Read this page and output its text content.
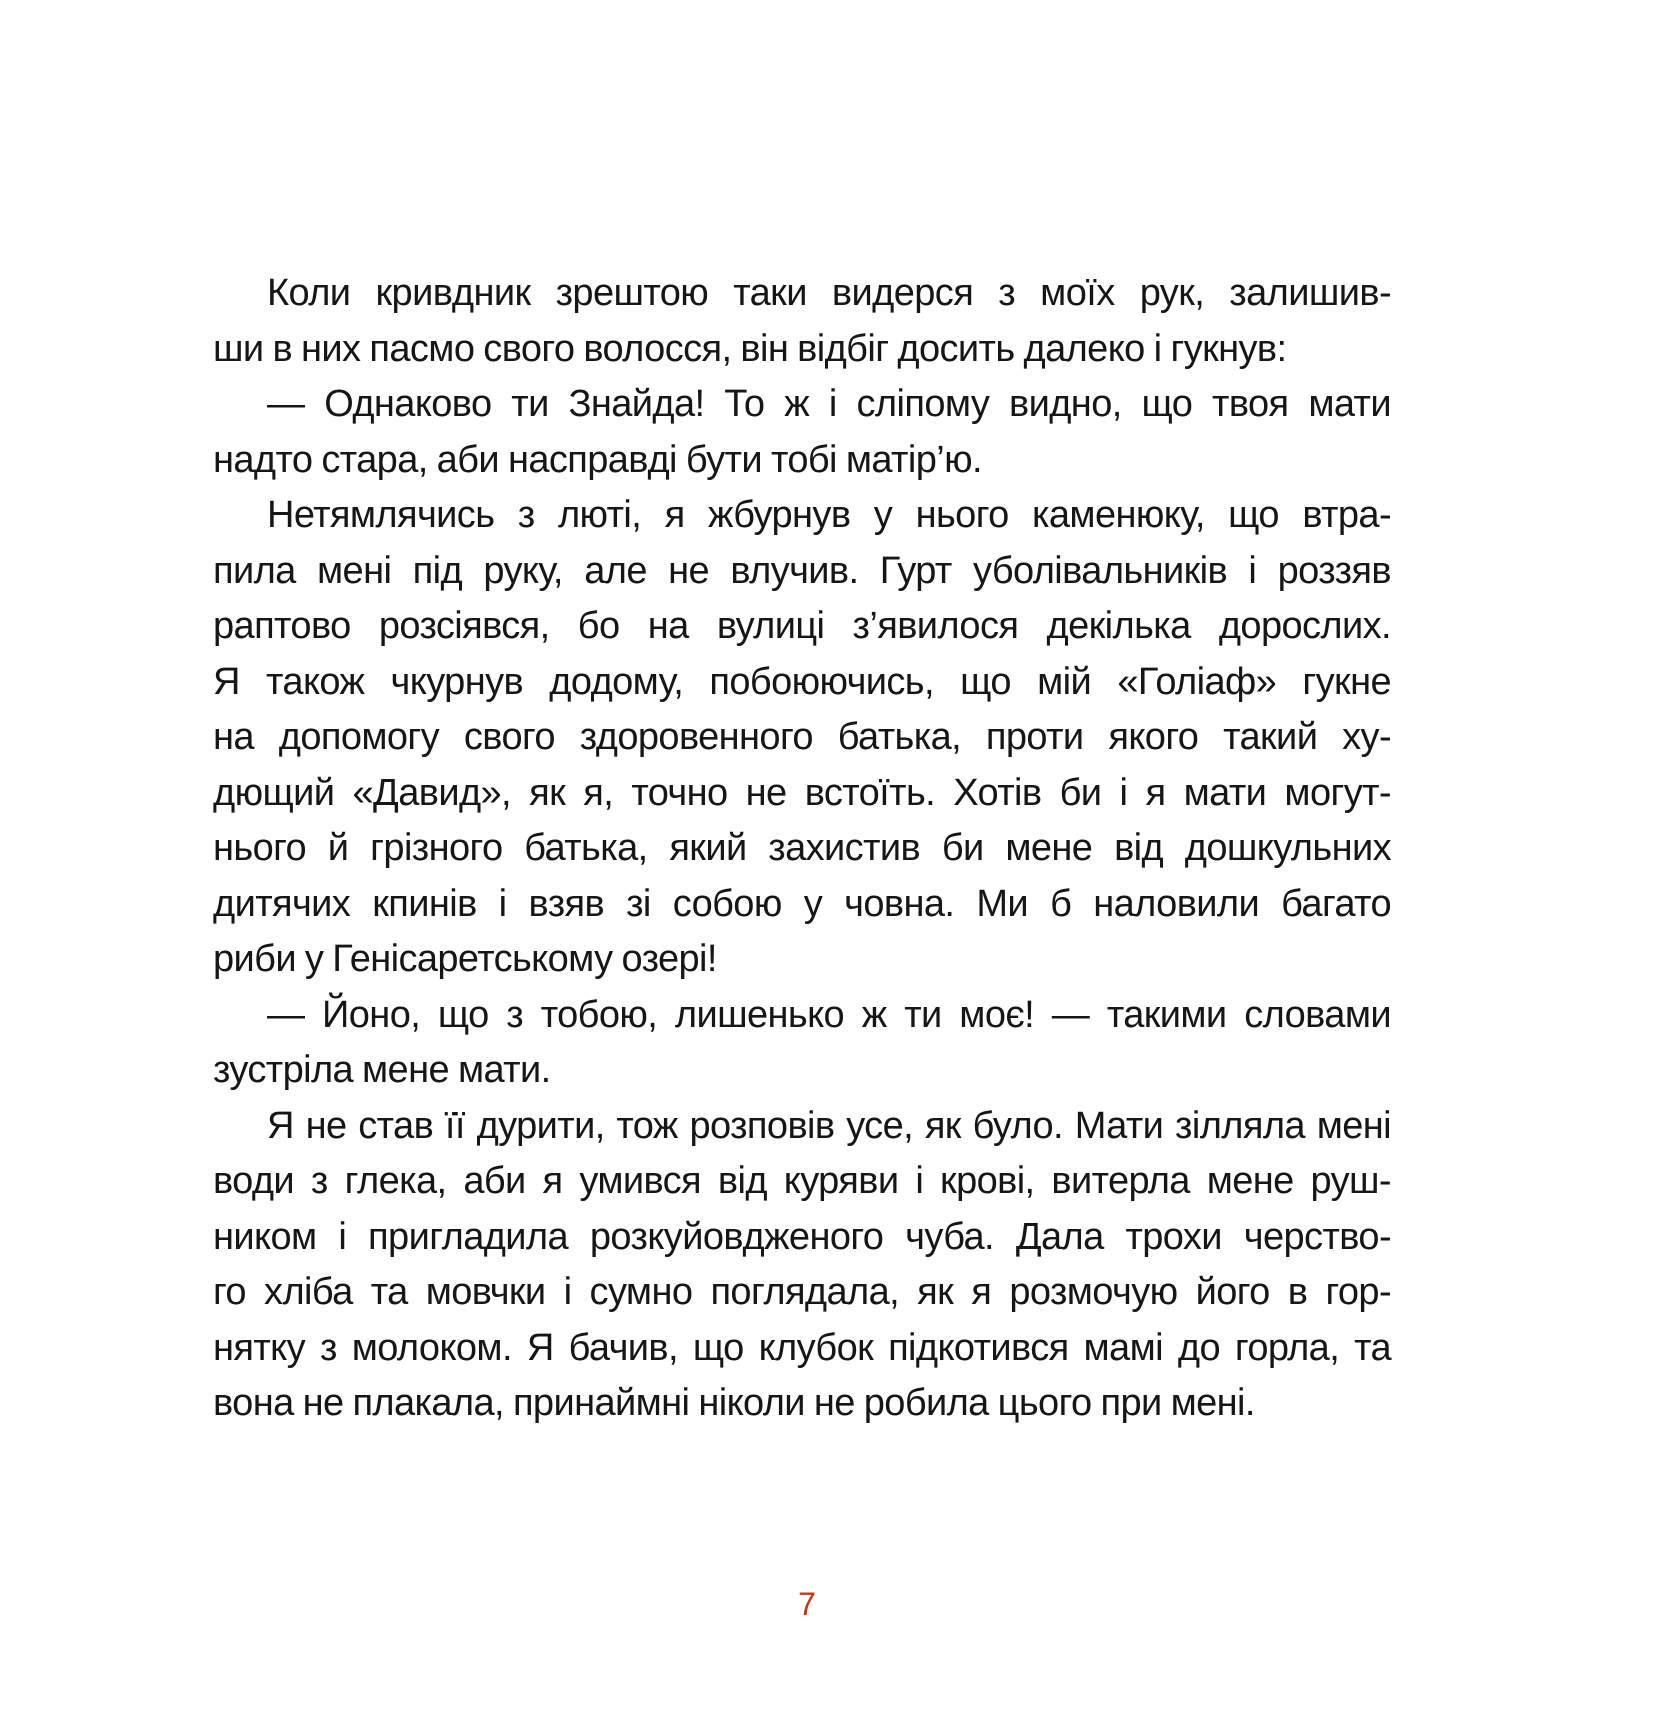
Коли кривдник зрештою таки видерся з моїх рук, залишив-
ши в них пасмо свого волосся, він відбіг досить далеко і гукнув:
— Однаково ти Знайда! То ж і сліпому видно, що твоя мати
надто стара, аби насправді бути тобі матір’ю.
Нетямлячись з люті, я жбурнув у нього каменюку, що втра-
пила мені під руку, але не влучив. Гурт уболівальників і роззяв
раптово розсіявся, бо на вулиці з’явилося декілька дорослих.
Я також чкурнув додому, побоюючись, що мій «Голіаф» гукне
на допомогу свого здоровенного батька, проти якого такий ху-
дющий «Давид», як я, точно не встоїть. Хотів би і я мати могут-
нього й грізного батька, який захистив би мене від дошкульних
дитячих кпинів і взяв зі собою у човна. Ми б наловили багато
риби у Генісаретському озері!
— Йоно, що з тобою, лишенько ж ти моє! — такими словами
зустріла мене мати.
Я не став її дурити, тож розповів усе, як було. Мати зілляла мені
води з глека, аби я умився від куряви і крові, витерла мене руш-
ником і пригладила розкуйовдженого чуба. Дала трохи черство-
го хліба та мовчки і сумно поглядала, як я розмочую його в гор-
нятку з молоком. Я бачив, що клубок підкотився мамі до горла, та
вона не плакала, принаймні ніколи не робила цього при мені.
7
